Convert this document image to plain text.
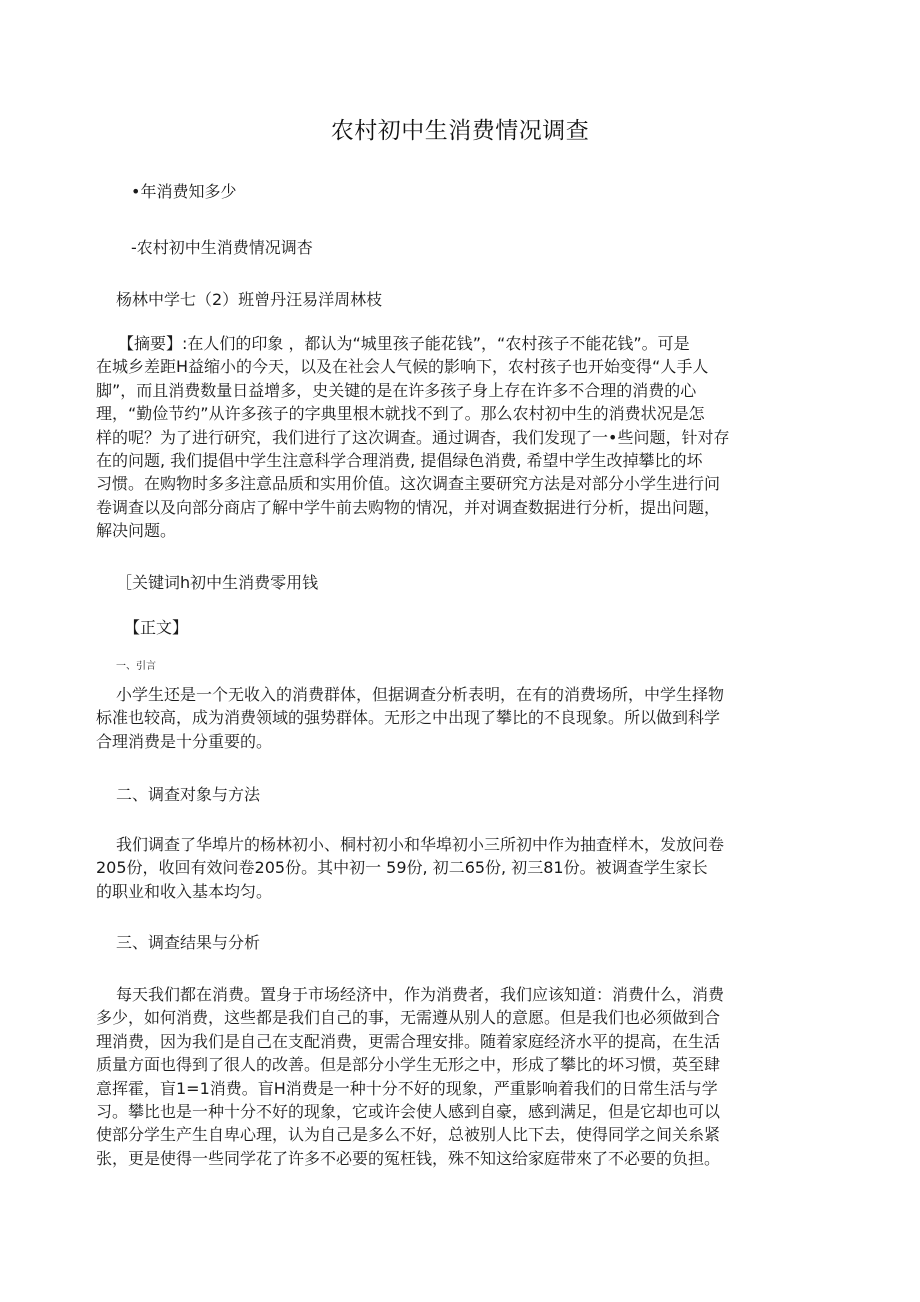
农村初中生消费情况调查
•年消费知多少
-农村初中生消费情况调杏
杨林中学七（2）班曾丹汪易洋周林枝
【摘要】:在人们的印象 ，都认为“城里孩子能花钱”，“农村孩子不能花钱”。可是
在城乡差距H益缩小的今天，以及在社会人气候的影响下，农村孩子也开始变得“人手人
脚”，而且消费数量日益增多，史关键的是在许多孩子身上存在许多不合理的消费的心
理，“勤俭节约”从许多孩子的字典里根木就找不到了。那么农村初中生的消费状况是怎
样的呢？为了进行研究，我们进行了这次调查。通过调杳，我们发现了一•些问题，针对存
在的问题, 我们提倡中学生注意科学合理消费, 提倡绿色消费, 希望中学生改掉攀比的坏
习惯。在购物时多多注意品质和实用价值。这次调查主要研究方法是对部分小学生进行问
卷调查以及向部分商店了解中学牛前去购物的情况，并对调查数据进行分析，提出问题，
解决问题。
［关键词h初中生消费零用钱
【正文】
一、引言
小学生还是一个无收入的消费群体，但据调查分析表明，在有的消费场所，中学生择物
标准也较高，成为消费领域的强势群体。无形之中出现了攀比的不良现象。所以做到科学
合理消费是十分重要的。
二、调查对象与方法
我们调查了华埠片的杨林初小、桐村初小和华埠初小三所初中作为抽査样木，发放问卷
205份，收回有效问卷205份。其中初一 59份, 初二65份, 初三81份。被调查学生家长
的职业和收入基本均匀。
三、调查结果与分析
每天我们都在消费。置身于市场经济中，作为消费者，我们应该知道：消费什么，消费
多少，如何消费，这些都是我们自己的事，无需遵从别人的意愿。但是我们也必须做到合
理消费，因为我们是自己在支配消费，更需合理安排。随着家庭经济水平的提高，在生活
质量方面也得到了很人的改善。但是部分小学生无形之中，形成了攀比的坏习惯，英至肆
意挥霍，盲1=1消费。盲H消费是一种十分不好的现象，严重影响着我们的日常生活与学
习。攀比也是一种十分不好的现象，它或许会使人感到自豪，感到满足，但是它却也可以
使部分学生产生自卑心理，认为自己是多么不好，总被别人比下去，使得同学之间关糸紧
张，更是使得一些同学花了许多不必要的冤枉钱，殊不知这给家庭带來了不必要的负担。
